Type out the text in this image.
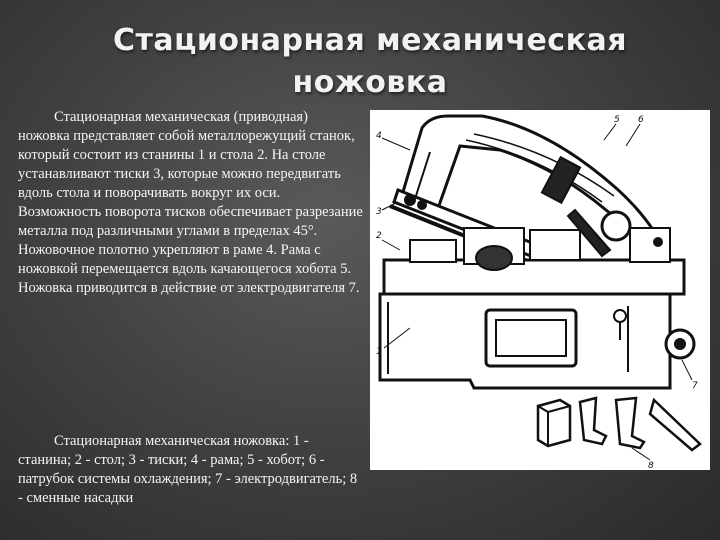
Стационарная механическая ножовка

Стационарная механическая (приводная) ножовка представляет собой металлорежущий станок, который состоит из станины 1 и стола 2. На столе устанавливают тиски 3, которые можно передвигать вдоль стола и поворачивать вокруг их оси. Возможность поворота тисков обеспечивает разрезание металла под различными углами в пределах 45°. Ножовочное полотно укрепляют в раме 4. Рама с ножовкой перемещается вдоль качающегося хобота 5. Ножовка приводится в действие от электродвигателя 7.

Стационарная механическая ножовка: 1 - станина; 2 - стол; 3 - тиски; 4 - рама; 5 - хобот; 6 - патрубок системы охлаждения; 7 - электродвигатель; 8 - сменные насадки

1
2
3
4
5 6
7
8
